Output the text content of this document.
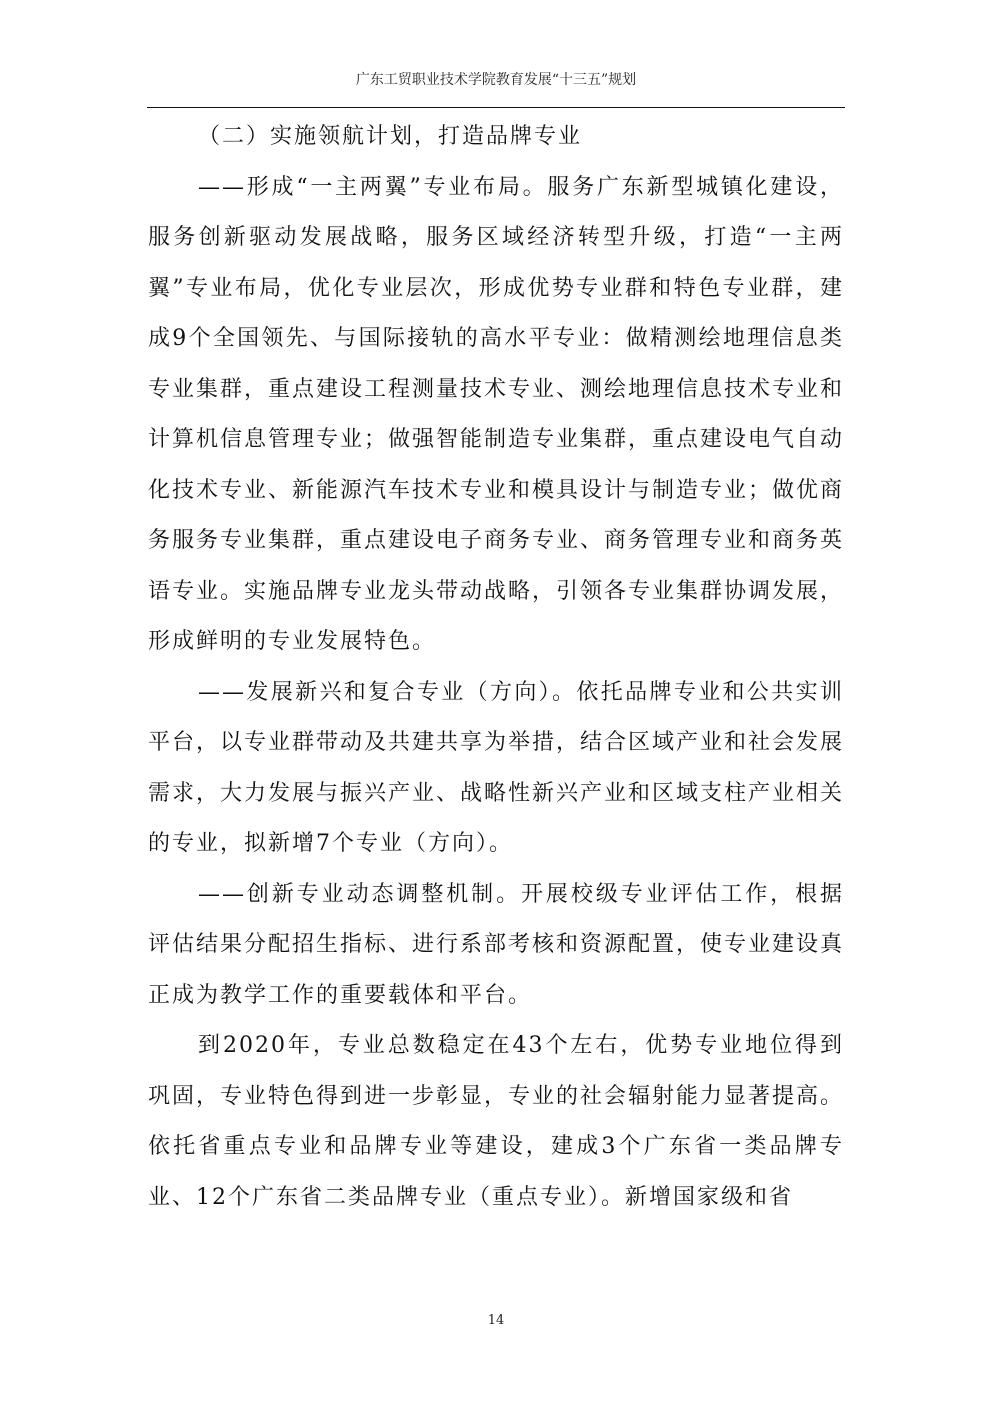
广东工贸职业技术学院教育发展“十三五”规划

（二）实施领航计划，打造品牌专业

——形成“一主两翼”专业布局。服务广东新型城镇化建设，服务创新驱动发展战略，服务区域经济转型升级，打造“一主两翼”专业布局，优化专业层次，形成优势专业群和特色专业群，建成9个全国领先、与国际接轨的高水平专业：做精测绘地理信息类专业集群，重点建设工程测量技术专业、测绘地理信息技术专业和计算机信息管理专业；做强智能制造专业集群，重点建设电气自动化技术专业、新能源汽车技术专业和模具设计与制造专业；做优商务服务专业集群，重点建设电子商务专业、商务管理专业和商务英语专业。实施品牌专业龙头带动战略，引领各专业集群协调发展，形成鲜明的专业发展特色。

——发展新兴和复合专业（方向）。依托品牌专业和公共实训平台，以专业群带动及共建共享为举措，结合区域产业和社会发展需求，大力发展与振兴产业、战略性新兴产业和区域支柱产业相关的专业，拟新增7个专业（方向）。

——创新专业动态调整机制。开展校级专业评估工作，根据评估结果分配招生指标、进行系部考核和资源配置，使专业建设真正成为教学工作的重要载体和平台。

到2020年，专业总数稳定在43个左右，优势专业地位得到巩固，专业特色得到进一步彰显，专业的社会辐射能力显著提高。依托省重点专业和品牌专业等建设，建成3个广东省一类品牌专业、12个广东省二类品牌专业（重点专业）。新增国家级和省

14
